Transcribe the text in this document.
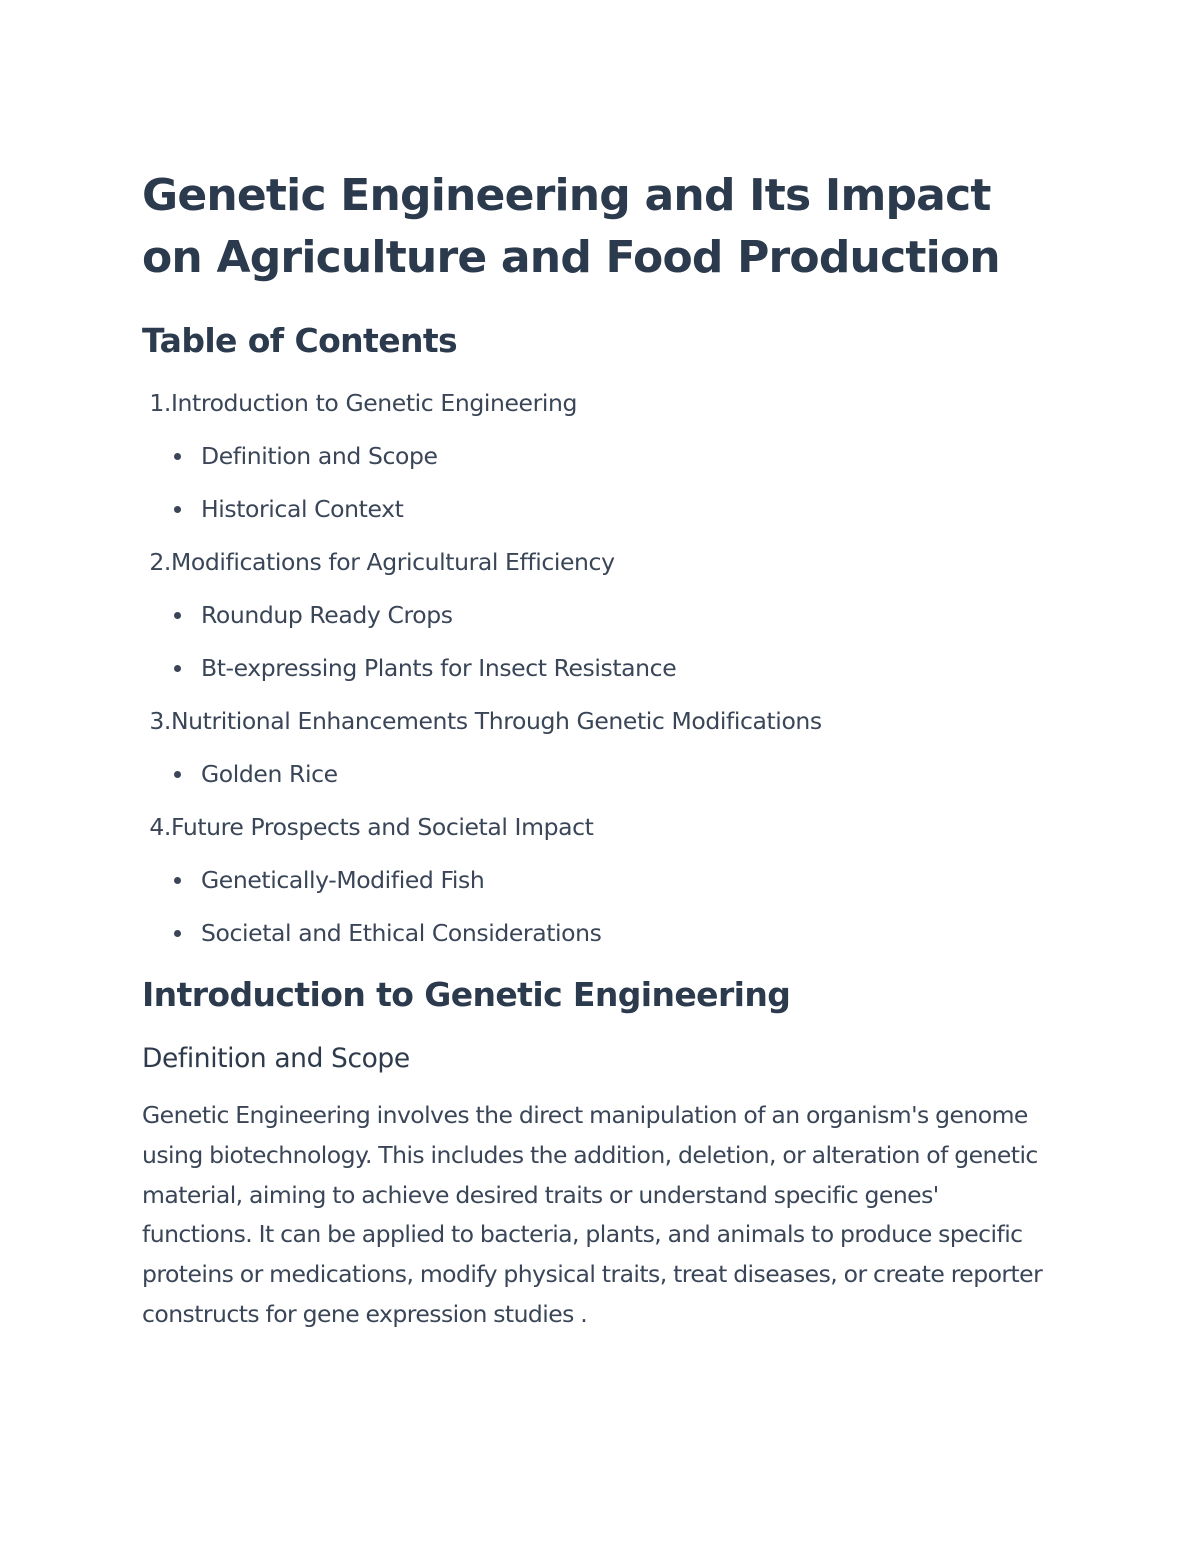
Genetic Engineering and Its Impact on Agriculture and Food Production
Table of Contents
1. Introduction to Genetic Engineering
Definition and Scope
Historical Context
2. Modifications for Agricultural Efficiency
Roundup Ready Crops
Bt-expressing Plants for Insect Resistance
3. Nutritional Enhancements Through Genetic Modifications
Golden Rice
4. Future Prospects and Societal Impact
Genetically-Modified Fish
Societal and Ethical Considerations
Introduction to Genetic Engineering
Definition and Scope

Genetic Engineering involves the direct manipulation of an organism's genome using biotechnology. This includes the addition, deletion, or alteration of genetic material, aiming to achieve desired traits or understand specific genes' functions. It can be applied to bacteria, plants, and animals to produce specific proteins or medications, modify physical traits, treat diseases, or create reporter constructs for gene expression studies .
